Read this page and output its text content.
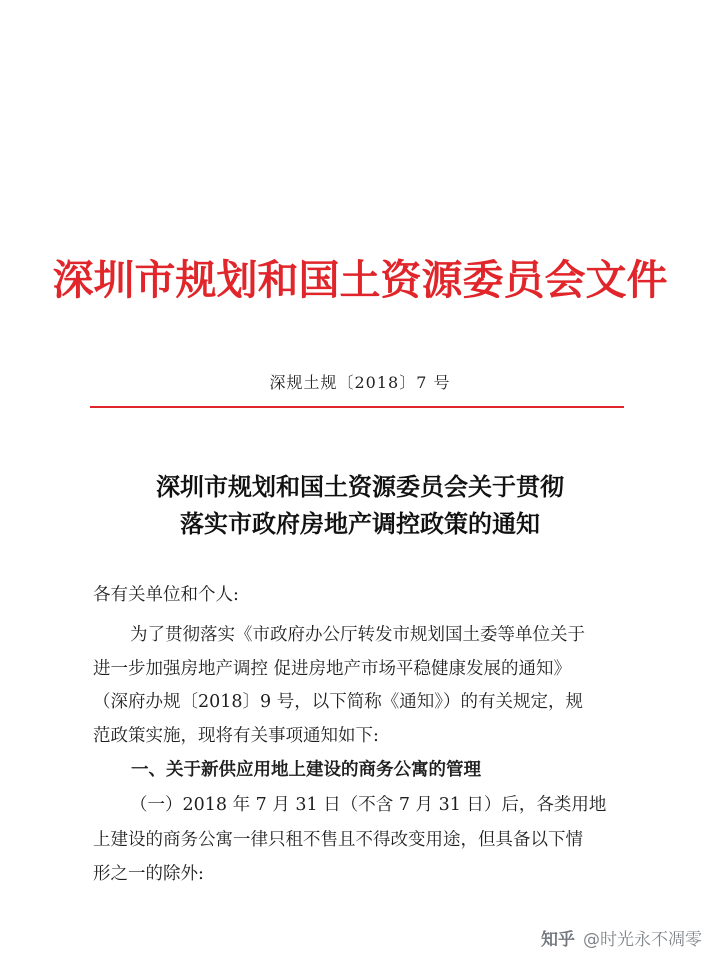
深圳市规划和国土资源委员会文件
深规土规〔2018〕7 号
深圳市规划和国土资源委员会关于贯彻
落实市政府房地产调控政策的通知
各有关单位和个人:
为了贯彻落实《市政府办公厅转发市规划国土委等单位关于
进一步加强房地产调控 促进房地产市场平稳健康发展的通知》
（深府办规〔2018〕9 号，以下简称《通知》）的有关规定，规
范政策实施，现将有关事项通知如下:
一、关于新供应用地上建设的商务公寓的管理
（一）2018 年 7 月 31 日（不含 7 月 31 日）后，各类用地
上建设的商务公寓一律只租不售且不得改变用途，但具备以下情
形之一的除外:
知乎 @时光永不凋零
